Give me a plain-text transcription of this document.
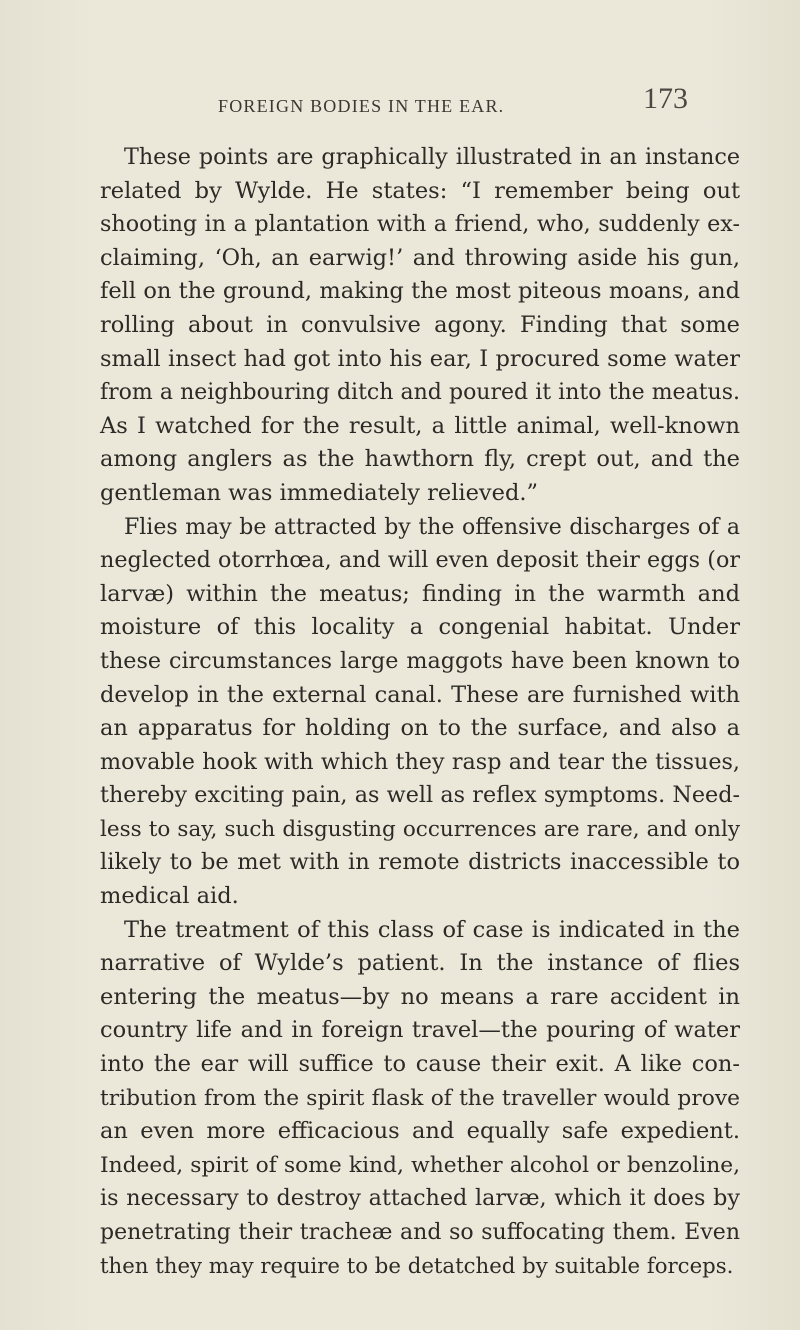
FOREIGN BODIES IN THE EAR.	173
These points are graphically illustrated in an instance
related by Wylde. He states: “I remember being out
shooting in a plantation with a friend, who, suddenly ex-
claiming, ‘Oh, an earwig!’ and throwing aside his gun,
fell on the ground, making the most piteous moans, and
rolling about in convulsive agony. Finding that some
small insect had got into his ear, I procured some water
from a neighbouring ditch and poured it into the meatus.
As I watched for the result, a little animal, well-known
among anglers as the hawthorn fly, crept out, and the
gentleman was immediately relieved.”
Flies may be attracted by the offensive discharges of a
neglected otorrhœa, and will even deposit their eggs (or
larvæ) within the meatus; finding in the warmth and
moisture of this locality a congenial habitat. Under
these circumstances large maggots have been known to
develop in the external canal. These are furnished with
an apparatus for holding on to the surface, and also a
movable hook with which they rasp and tear the tissues,
thereby exciting pain, as well as reflex symptoms. Need-
less to say, such disgusting occurrences are rare, and only
likely to be met with in remote districts inaccessible to
medical aid.
The treatment of this class of case is indicated in the
narrative of Wylde’s patient. In the instance of flies
entering the meatus—by no means a rare accident in
country life and in foreign travel—the pouring of water
into the ear will suffice to cause their exit. A like con-
tribution from the spirit flask of the traveller would prove
an even more efficacious and equally safe expedient.
Indeed, spirit of some kind, whether alcohol or benzoline,
is necessary to destroy attached larvæ, which it does by
penetrating their tracheæ and so suffocating them. Even
then they may require to be detatched by suitable forceps.
